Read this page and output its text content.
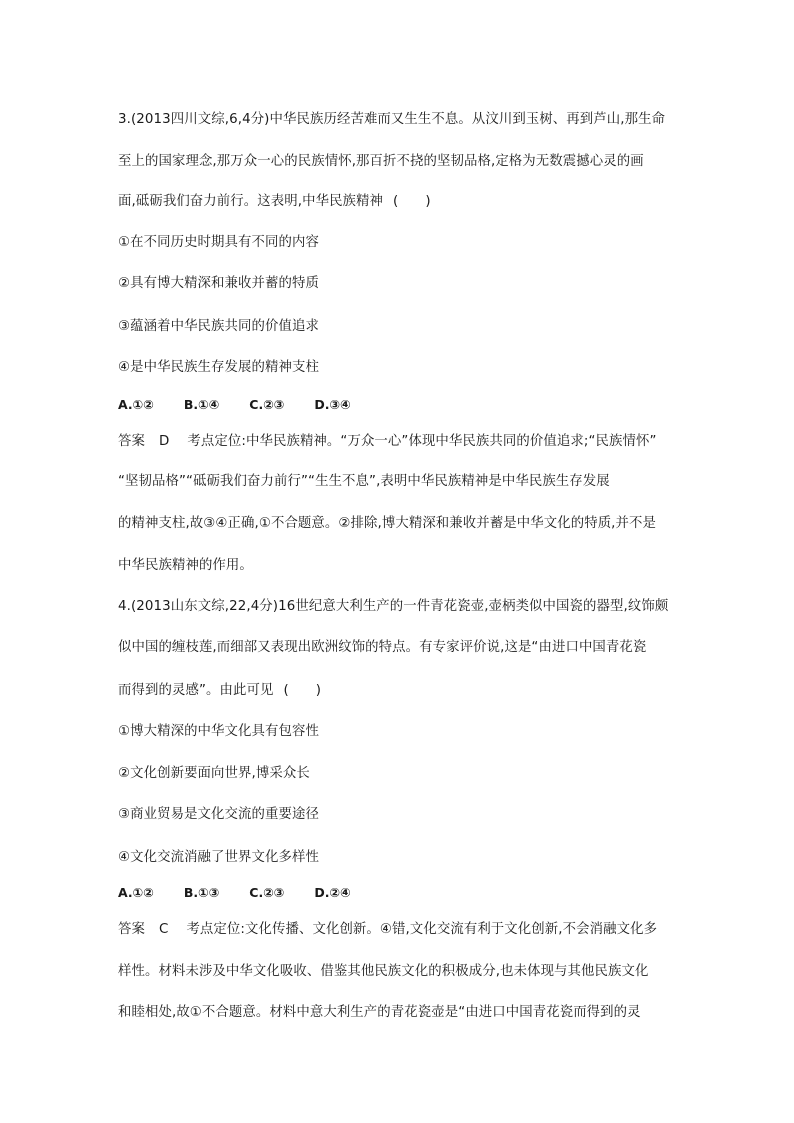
3.(2013四川文综,6,4分)中华民族历经苦难而又生生不息。从汶川到玉树、再到芦山,那生命
至上的国家理念,那万众一心的民族情怀,那百折不挠的坚韧品格,定格为无数震撼心灵的画
面,砥砺我们奋力前行。这表明,中华民族精神 (　　)
①在不同历史时期具有不同的内容
②具有博大精深和兼收并蓄的特质
③蕴涵着中华民族共同的价值追求
④是中华民族生存发展的精神支柱
A.①② B.①④ C.②③ D.③④
答案 D 考点定位:中华民族精神。“万众一心”体现中华民族共同的价值追求;“民族情怀”
“坚韧品格”“砥砺我们奋力前行”“生生不息”,表明中华民族精神是中华民族生存发展
的精神支柱,故③④正确,①不合题意。②排除,博大精深和兼收并蓄是中华文化的特质,并不是
中华民族精神的作用。
4.(2013山东文综,22,4分)16世纪意大利生产的一件青花瓷壶,壶柄类似中国瓷的器型,纹饰颇
似中国的缠枝莲,而细部又表现出欧洲纹饰的特点。有专家评价说,这是“由进口中国青花瓷
而得到的灵感”。由此可见 (　　)
①博大精深的中华文化具有包容性
②文化创新要面向世界,博采众长
③商业贸易是文化交流的重要途径
④文化交流消融了世界文化多样性
A.①② B.①③ C.②③ D.②④
答案 C 考点定位:文化传播、文化创新。④错,文化交流有利于文化创新,不会消融文化多
样性。材料未涉及中华文化吸收、借鉴其他民族文化的积极成分,也未体现与其他民族文化
和睦相处,故①不合题意。材料中意大利生产的青花瓷壶是“由进口中国青花瓷而得到的灵
